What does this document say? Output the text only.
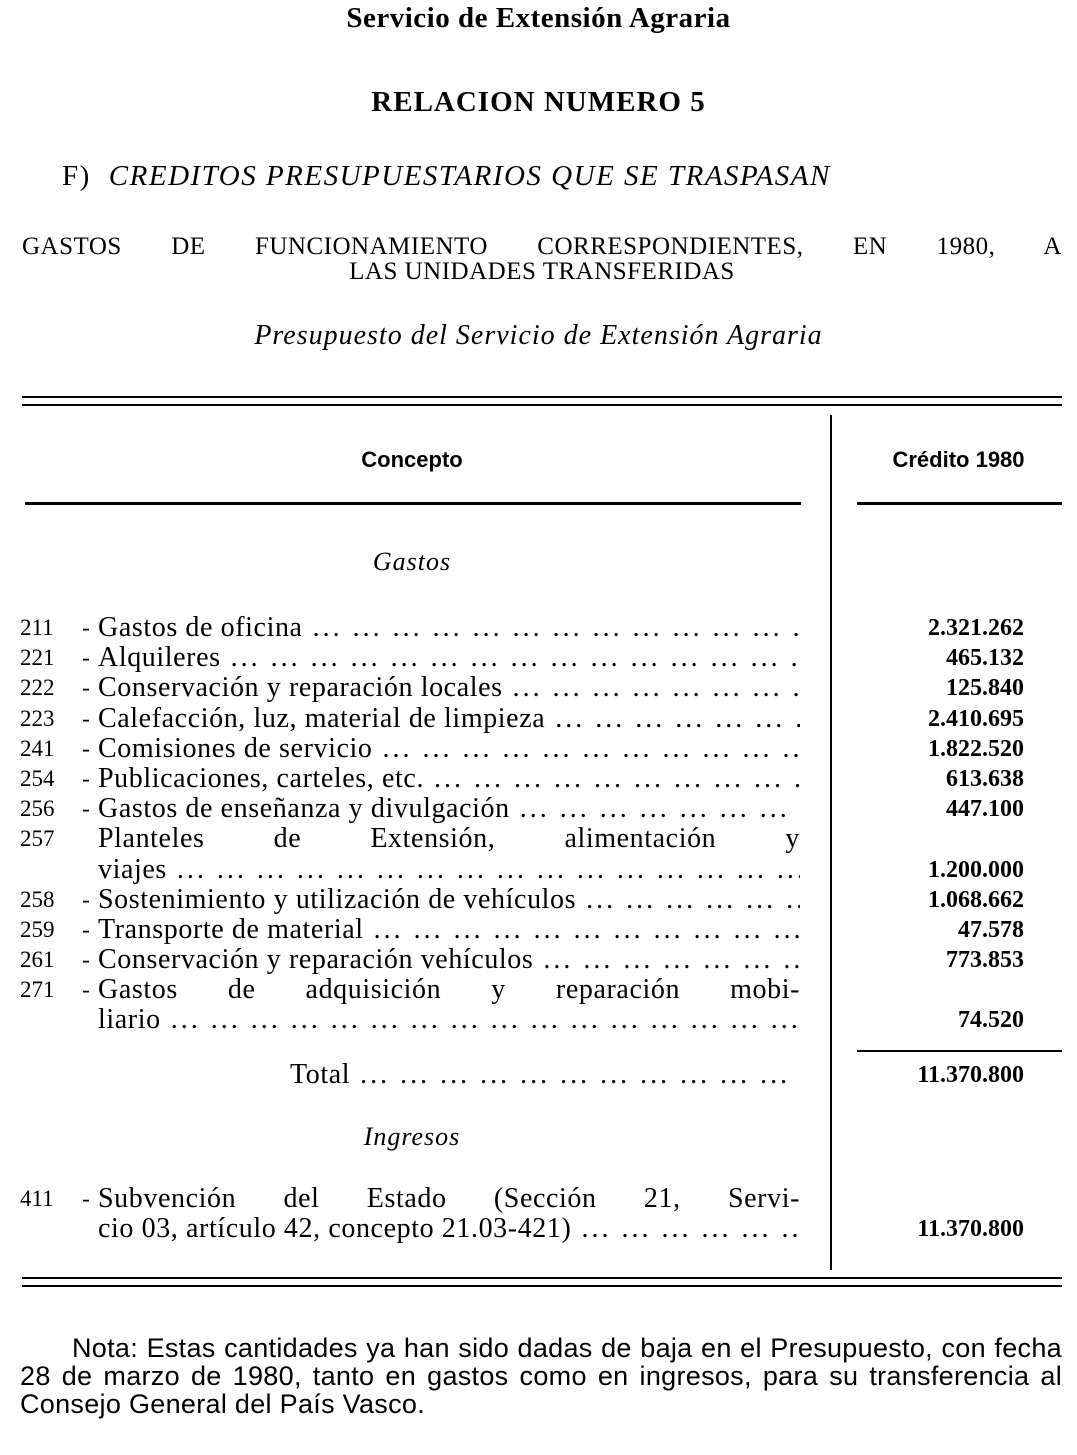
Servicio de Extensión Agraria
RELACION NUMERO 5
F) CREDITOS PRESUPUESTARIOS QUE SE TRASPASAN
GASTOS DE FUNCIONAMIENTO CORRESPONDIENTES, EN 1980, A
LAS UNIDADES TRANSFERIDAS
Presupuesto del Servicio de Extensión Agraria
Concepto	Crédito 1980
Gastos
211	- Gastos de oficina ... .	2.321.262
221	- Alquileres ... .	465.132
222	- Conservación y reparación locales ... .	125.840
223	- Calefacción, luz, material de limpieza ... .	2.410.695
241	- Comisiones de servicio ... .	1.822.520
254	- Publicaciones, carteles, etc. ... .	613.638
256	- Gastos de enseñanza y divulgación ... .	447.100
257	Planteles de Extensión, alimentación y
viajes ... .	1.200.000
258	- Sostenimiento y utilización de vehículos ... .	1.068.662
259	- Transporte de material ... .	47.578
261	- Conservación y reparación vehículos ... .	773.853
271	- Gastos de adquisición y reparación mobi-
liario ... .	74.520
Total ... .	11.370.800
Ingresos
411	- Subvención del Estado (Sección 21, Servi-
cio 03, artículo 42, concepto 21.03-421) ... .	11.370.800
Nota: Estas cantidades ya han sido dadas de baja en el Presupuesto, con fecha 28 de marzo de 1980, tanto en gastos como en ingresos, para su transferencia al Consejo General del País Vasco.
